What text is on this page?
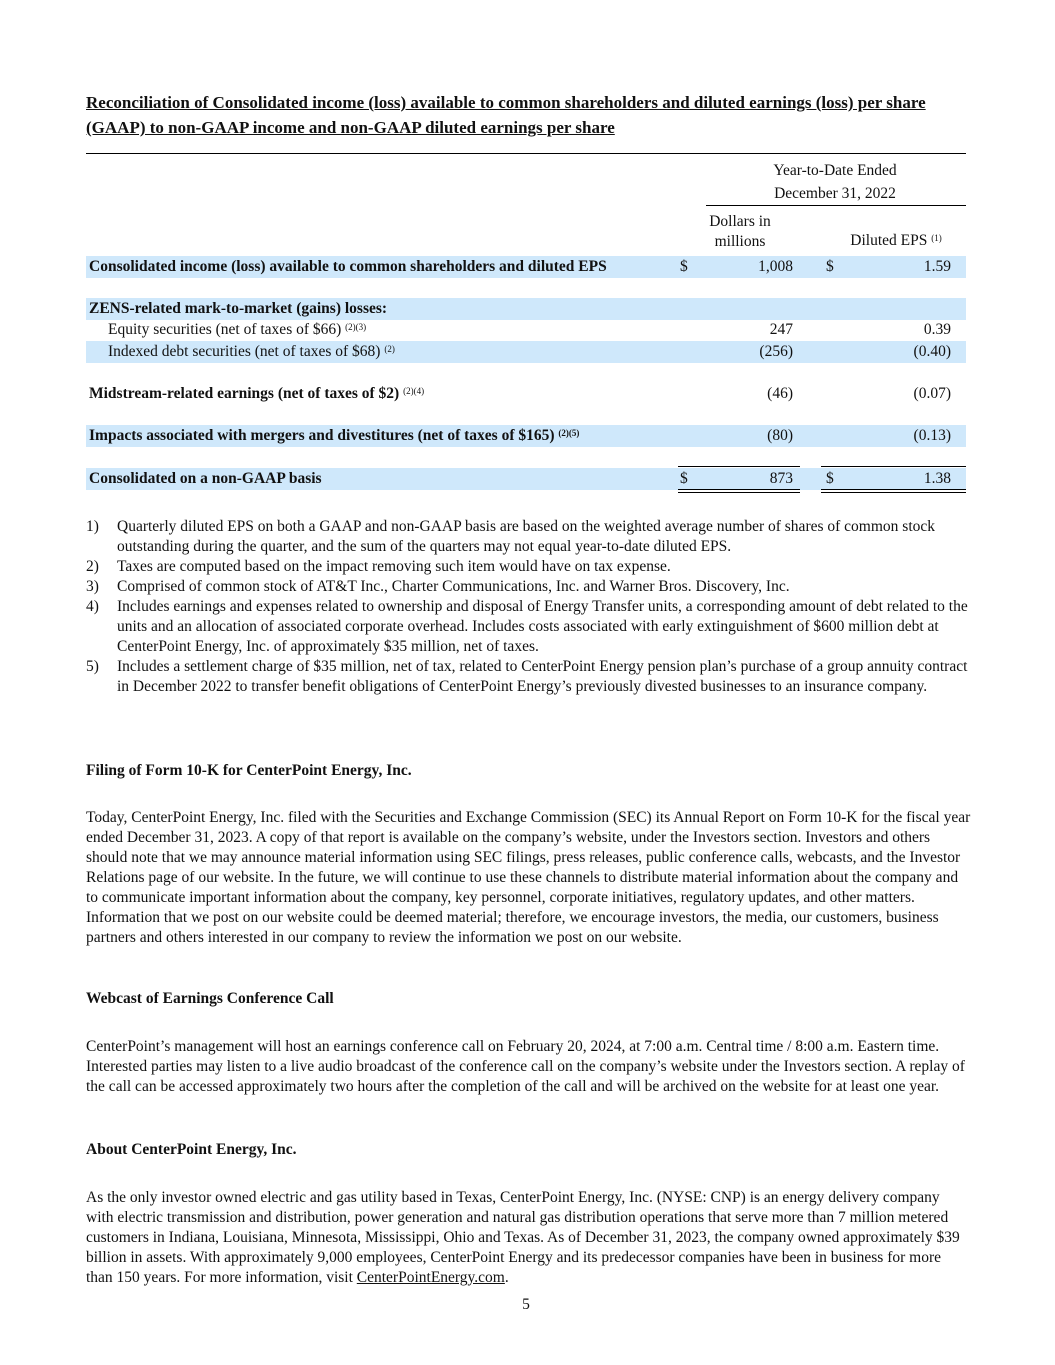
Reconciliation of Consolidated income (loss) available to common shareholders and diluted earnings (loss) per share (GAAP) to non-GAAP income and non-GAAP diluted earnings per share
Year-to-Date Ended
December 31, 2022
Dollars in
millions	Diluted EPS $^{(1)}$
Consolidated income (loss) available to common shareholders and diluted EPS	$	1,008 $	1.59
ZENS-related mark-to-market (gains) losses:
Equity securities (net of taxes of $66) $^{(2)(3)}$	247	0.39
Indexed debt securities (net of taxes of $68) $^{(2)}$	(256)	(0.40)
Midstream-related earnings (net of taxes of $2) $^{(2)(4)}$	(46)	(0.07)
Impacts associated with mergers and divestitures (net of taxes of $165) $^{(2)(5)}$	(80)	(0.13)
Consolidated on a non-GAAP basis	$	873 $	1.38
1) Quarterly diluted EPS on both a GAAP and non-GAAP basis are based on the weighted average number of shares of common stock outstanding during the quarter, and the sum of the quarters may not equal year-to-date diluted EPS.
2) Taxes are computed based on the impact removing such item would have on tax expense.
3) Comprised of common stock of AT&T Inc., Charter Communications, Inc. and Warner Bros. Discovery, Inc.
4) Includes earnings and expenses related to ownership and disposal of Energy Transfer units, a corresponding amount of debt related to the units and an allocation of associated corporate overhead. Includes costs associated with early extinguishment of $600 million debt at CenterPoint Energy, Inc. of approximately $35 million, net of taxes.
5) Includes a settlement charge of $35 million, net of tax, related to CenterPoint Energy pension plan’s purchase of a group annuity contract in December 2022 to transfer benefit obligations of CenterPoint Energy’s previously divested businesses to an insurance company.
Filing of Form 10-K for CenterPoint Energy, Inc.
Today, CenterPoint Energy, Inc. filed with the Securities and Exchange Commission (SEC) its Annual Report on Form 10-K for the fiscal year ended December 31, 2023. A copy of that report is available on the company’s website, under the Investors section. Investors and others should note that we may announce material information using SEC filings, press releases, public conference calls, webcasts, and the Investor Relations page of our website. In the future, we will continue to use these channels to distribute material information about the company and to communicate important information about the company, key personnel, corporate initiatives, regulatory updates, and other matters. Information that we post on our website could be deemed material; therefore, we encourage investors, the media, our customers, business partners and others interested in our company to review the information we post on our website.
Webcast of Earnings Conference Call
CenterPoint’s management will host an earnings conference call on February 20, 2024, at 7:00 a.m. Central time / 8:00 a.m. Eastern time. Interested parties may listen to a live audio broadcast of the conference call on the company’s website under the Investors section. A replay of the call can be accessed approximately two hours after the completion of the call and will be archived on the website for at least one year.
About CenterPoint Energy, Inc.
As the only investor owned electric and gas utility based in Texas, CenterPoint Energy, Inc. (NYSE: CNP) is an energy delivery company with electric transmission and distribution, power generation and natural gas distribution operations that serve more than 7 million metered customers in Indiana, Louisiana, Minnesota, Mississippi, Ohio and Texas. As of December 31, 2023, the company owned approximately $39 billion in assets. With approximately 9,000 employees, CenterPoint Energy and its predecessor companies have been in business for more than 150 years. For more information, visit CenterPointEnergy.com.
5
